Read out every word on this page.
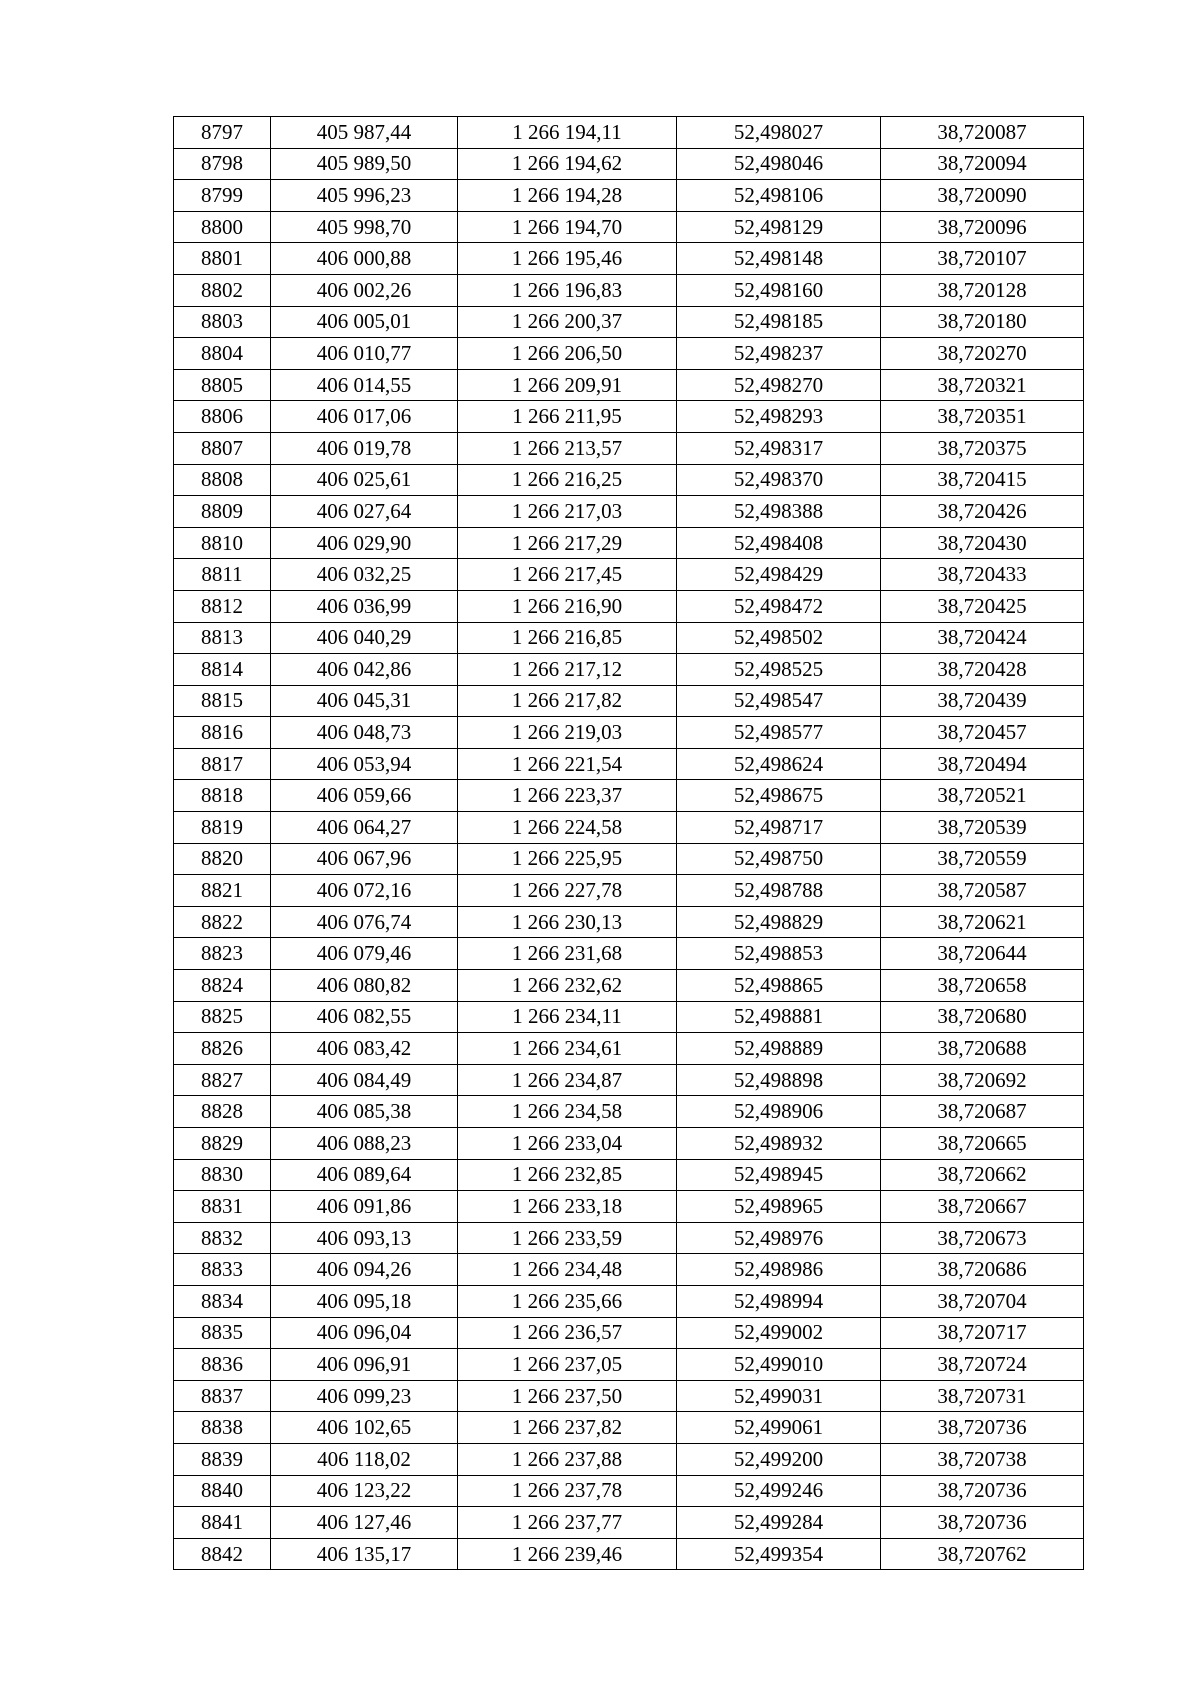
8797	405 987,44	1 266 194,11	52,498027	38,720087
8798	405 989,50	1 266 194,62	52,498046	38,720094
8799	405 996,23	1 266 194,28	52,498106	38,720090
8800	405 998,70	1 266 194,70	52,498129	38,720096
8801	406 000,88	1 266 195,46	52,498148	38,720107
8802	406 002,26	1 266 196,83	52,498160	38,720128
8803	406 005,01	1 266 200,37	52,498185	38,720180
8804	406 010,77	1 266 206,50	52,498237	38,720270
8805	406 014,55	1 266 209,91	52,498270	38,720321
8806	406 017,06	1 266 211,95	52,498293	38,720351
8807	406 019,78	1 266 213,57	52,498317	38,720375
8808	406 025,61	1 266 216,25	52,498370	38,720415
8809	406 027,64	1 266 217,03	52,498388	38,720426
8810	406 029,90	1 266 217,29	52,498408	38,720430
8811	406 032,25	1 266 217,45	52,498429	38,720433
8812	406 036,99	1 266 216,90	52,498472	38,720425
8813	406 040,29	1 266 216,85	52,498502	38,720424
8814	406 042,86	1 266 217,12	52,498525	38,720428
8815	406 045,31	1 266 217,82	52,498547	38,720439
8816	406 048,73	1 266 219,03	52,498577	38,720457
8817	406 053,94	1 266 221,54	52,498624	38,720494
8818	406 059,66	1 266 223,37	52,498675	38,720521
8819	406 064,27	1 266 224,58	52,498717	38,720539
8820	406 067,96	1 266 225,95	52,498750	38,720559
8821	406 072,16	1 266 227,78	52,498788	38,720587
8822	406 076,74	1 266 230,13	52,498829	38,720621
8823	406 079,46	1 266 231,68	52,498853	38,720644
8824	406 080,82	1 266 232,62	52,498865	38,720658
8825	406 082,55	1 266 234,11	52,498881	38,720680
8826	406 083,42	1 266 234,61	52,498889	38,720688
8827	406 084,49	1 266 234,87	52,498898	38,720692
8828	406 085,38	1 266 234,58	52,498906	38,720687
8829	406 088,23	1 266 233,04	52,498932	38,720665
8830	406 089,64	1 266 232,85	52,498945	38,720662
8831	406 091,86	1 266 233,18	52,498965	38,720667
8832	406 093,13	1 266 233,59	52,498976	38,720673
8833	406 094,26	1 266 234,48	52,498986	38,720686
8834	406 095,18	1 266 235,66	52,498994	38,720704
8835	406 096,04	1 266 236,57	52,499002	38,720717
8836	406 096,91	1 266 237,05	52,499010	38,720724
8837	406 099,23	1 266 237,50	52,499031	38,720731
8838	406 102,65	1 266 237,82	52,499061	38,720736
8839	406 118,02	1 266 237,88	52,499200	38,720738
8840	406 123,22	1 266 237,78	52,499246	38,720736
8841	406 127,46	1 266 237,77	52,499284	38,720736
8842	406 135,17	1 266 239,46	52,499354	38,720762
